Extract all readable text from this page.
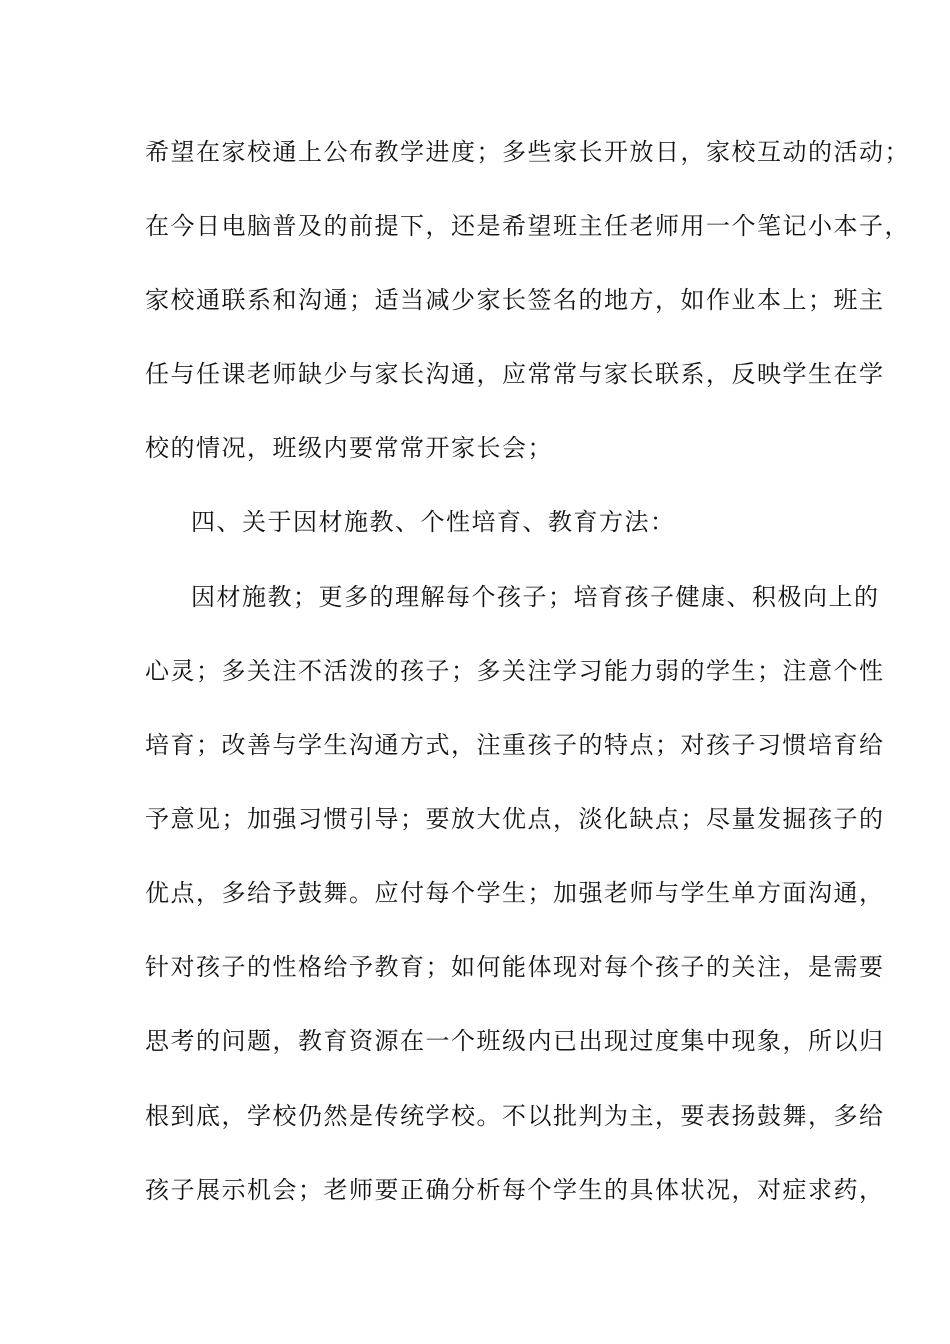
希望在家校通上公布教学进度；多些家长开放日，家校互动的活动；
在今日电脑普及的前提下，还是希望班主任老师用一个笔记小本子，
家校通联系和沟通；适当减少家长签名的地方，如作业本上；班主
任与任课老师缺少与家长沟通，应常常与家长联系，反映学生在学
校的情况，班级内要常常开家长会；
四、关于因材施教、个性培育、教育方法：
因材施教；更多的理解每个孩子；培育孩子健康、积极向上的
心灵；多关注不活泼的孩子；多关注学习能力弱的学生；注意个性
培育；改善与学生沟通方式，注重孩子的特点；对孩子习惯培育给
予意见；加强习惯引导；要放大优点，淡化缺点；尽量发掘孩子的
优点，多给予鼓舞。应付每个学生；加强老师与学生单方面沟通，
针对孩子的性格给予教育；如何能体现对每个孩子的关注，是需要
思考的问题，教育资源在一个班级内已出现过度集中现象，所以归
根到底，学校仍然是传统学校。不以批判为主，要表扬鼓舞，多给
孩子展示机会；老师要正确分析每个学生的具体状况，对症求药，
